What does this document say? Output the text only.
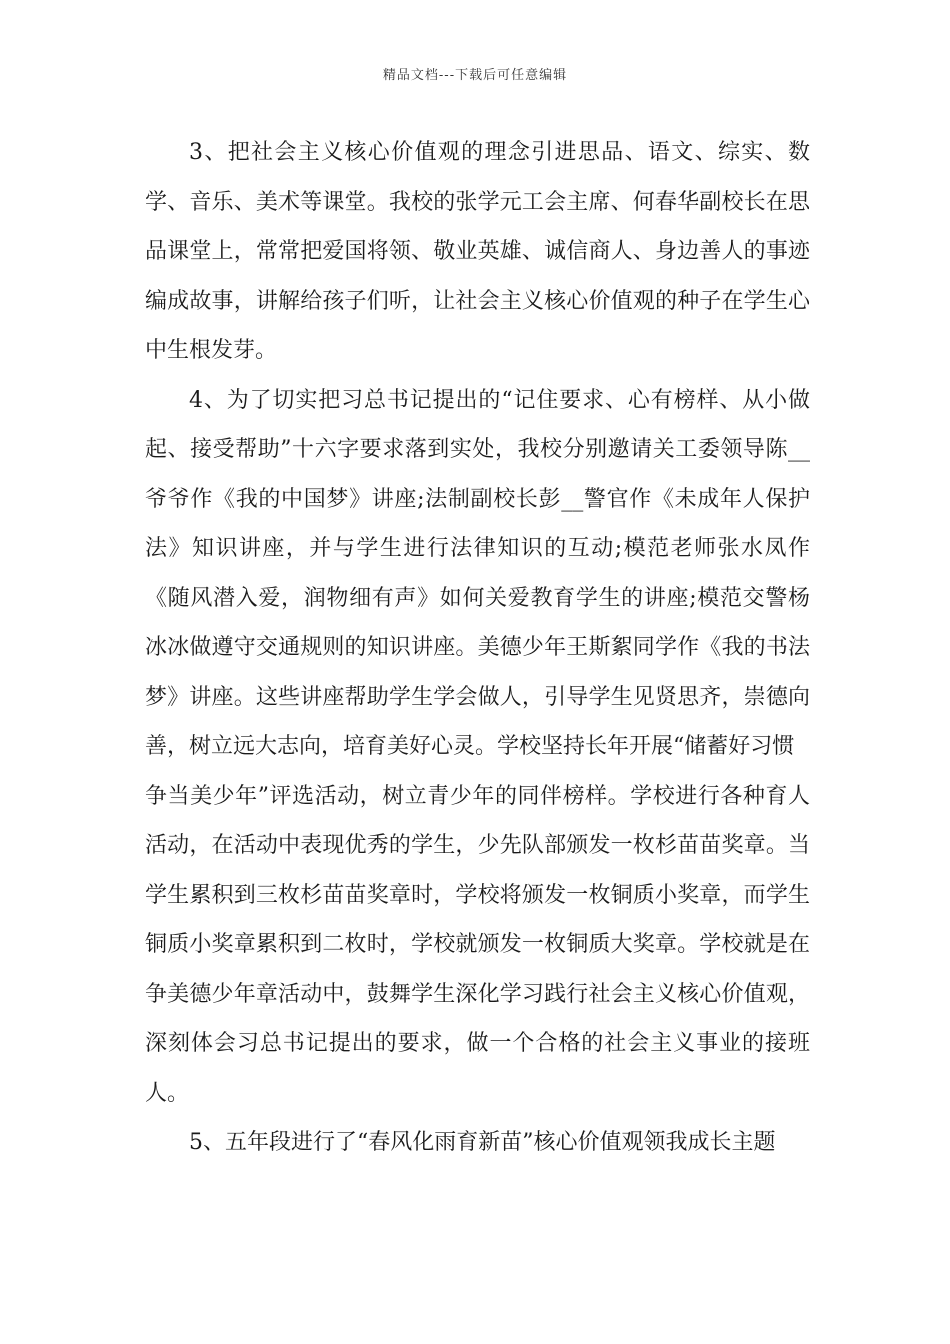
精品文档---下载后可任意编辑

3、把社会主义核心价值观的理念引进思品、语文、综实、数学、音乐、美术等课堂。我校的张学元工会主席、何春华副校长在思品课堂上，常常把爱国将领、敬业英雄、诚信商人、身边善人的事迹编成故事，讲解给孩子们听，让社会主义核心价值观的种子在学生心中生根发芽。

4、为了切实把习总书记提出的“记住要求、心有榜样、从小做起、接受帮助”十六字要求落到实处，我校分别邀请关工委领导陈__爷爷作《我的中国梦》讲座;法制副校长彭__警官作《未成年人保护法》知识讲座，并与学生进行法律知识的互动;模范老师张水凤作《随风潜入爱，润物细有声》如何关爱教育学生的讲座;模范交警杨冰冰做遵守交通规则的知识讲座。美德少年王斯絮同学作《我的书法梦》讲座。这些讲座帮助学生学会做人，引导学生见贤思齐，崇德向善，树立远大志向，培育美好心灵。学校坚持长年开展“储蓄好习惯

争当美少年”评选活动，树立青少年的同伴榜样。学校进行各种育人活动，在活动中表现优秀的学生，少先队部颁发一枚杉苗苗奖章。当学生累积到三枚杉苗苗奖章时，学校将颁发一枚铜质小奖章，而学生铜质小奖章累积到二枚时，学校就颁发一枚铜质大奖章。学校就是在争美德少年章活动中，鼓舞学生深化学习践行社会主义核心价值观，深刻体会习总书记提出的要求，做一个合格的社会主义事业的接班人。

5、五年段进行了“春风化雨育新苗”核心价值观领我成长主题
